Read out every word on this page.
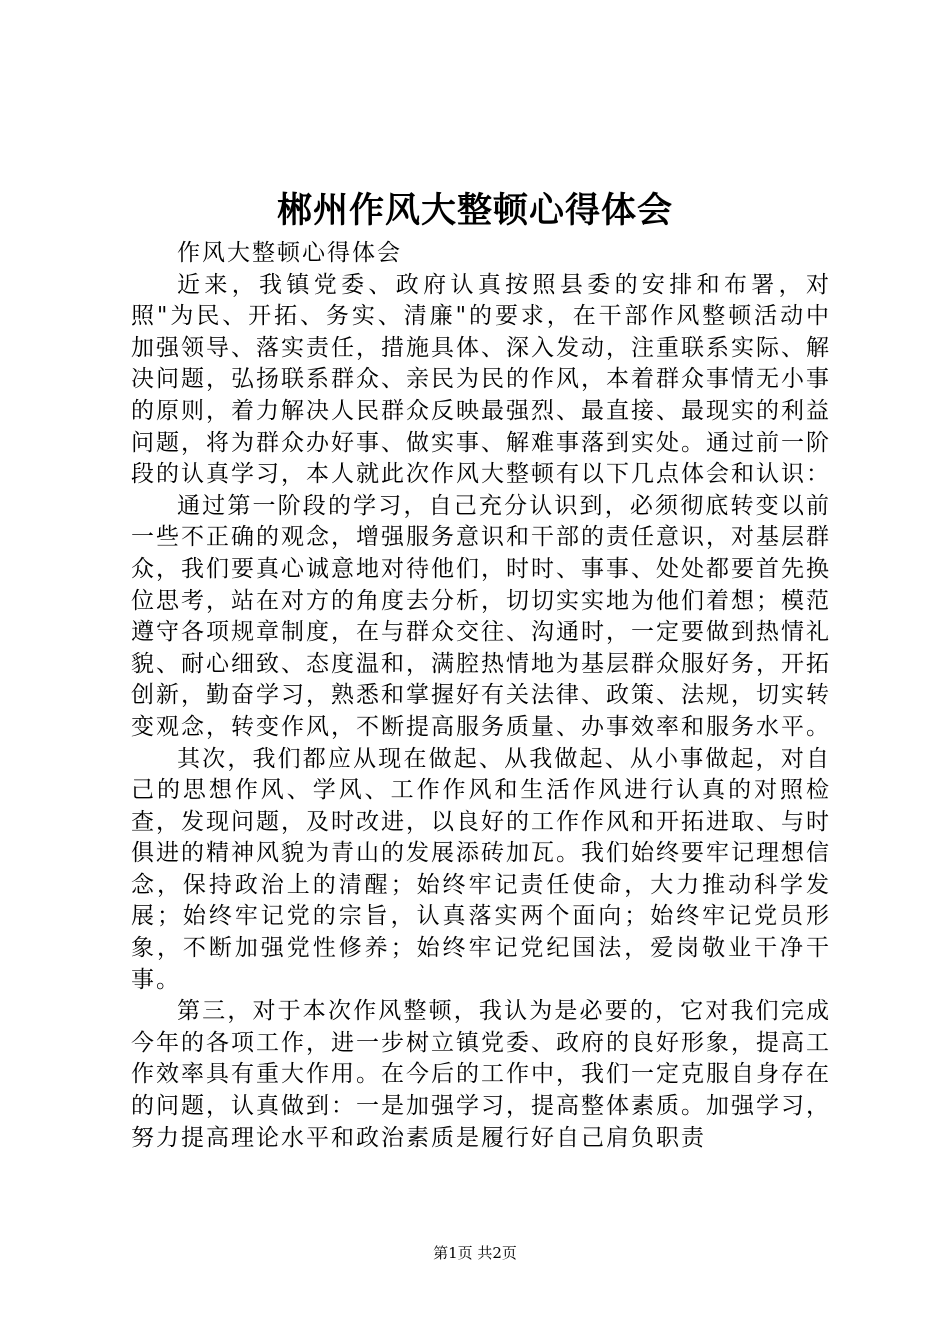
郴州作风大整顿心得体会

作风大整顿心得体会

近来，我镇党委、政府认真按照县委的安排和布署，对照"为民、开拓、务实、清廉"的要求，在干部作风整顿活动中加强领导、落实责任，措施具体、深入发动，注重联系实际、解决问题，弘扬联系群众、亲民为民的作风，本着群众事情无小事的原则，着力解决人民群众反映最强烈、最直接、最现实的利益问题，将为群众办好事、做实事、解难事落到实处。通过前一阶段的认真学习，本人就此次作风大整顿有以下几点体会和认识：

通过第一阶段的学习，自己充分认识到，必须彻底转变以前一些不正确的观念，增强服务意识和干部的责任意识，对基层群众，我们要真心诚意地对待他们，时时、事事、处处都要首先换位思考，站在对方的角度去分析，切切实实地为他们着想；模范遵守各项规章制度，在与群众交往、沟通时，一定要做到热情礼貌、耐心细致、态度温和，满腔热情地为基层群众服好务，开拓创新，勤奋学习，熟悉和掌握好有关法律、政策、法规，切实转变观念，转变作风，不断提高服务质量、办事效率和服务水平。

其次，我们都应从现在做起、从我做起、从小事做起，对自己的思想作风、学风、工作作风和生活作风进行认真的对照检查，发现问题，及时改进，以良好的工作作风和开拓进取、与时俱进的精神风貌为青山的发展添砖加瓦。我们始终要牢记理想信念，保持政治上的清醒；始终牢记责任使命，大力推动科学发展；始终牢记党的宗旨，认真落实两个面向；始终牢记党员形象，不断加强党性修养；始终牢记党纪国法，爱岗敬业干净干事。

第三，对于本次作风整顿，我认为是必要的，它对我们完成今年的各项工作，进一步树立镇党委、政府的良好形象，提高工作效率具有重大作用。在今后的工作中，我们一定克服自身存在的问题，认真做到：一是加强学习，提高整体素质。加强学习，努力提高理论水平和政治素质是履行好自己肩负职责

第1页 共2页
